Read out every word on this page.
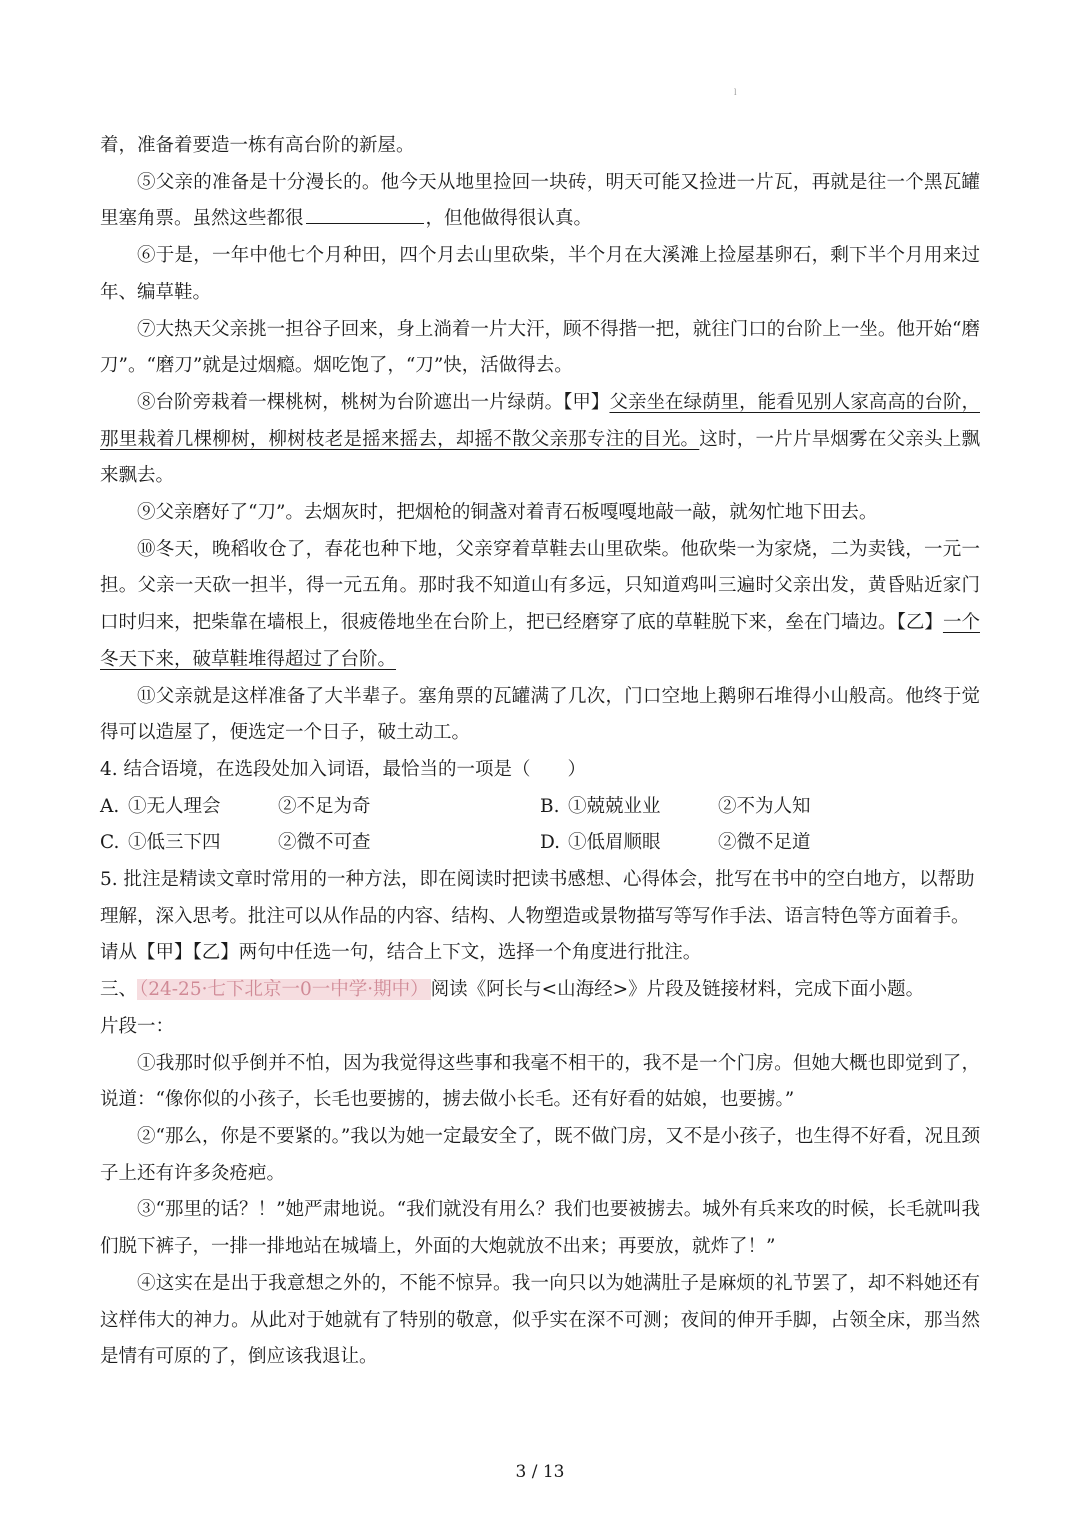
l

着，准备着要造一栋有高台阶的新屋。

⑤父亲的准备是十分漫长的。他今天从地里捡回一块砖，明天可能又捡进一片瓦，再就是往一个黑瓦罐里塞角票。虽然这些都很	，但他做得很认真。

⑥于是，一年中他七个月种田，四个月去山里砍柴，半个月在大溪滩上捡屋基卵石，剩下半个月用来过年、编草鞋。

⑦大热天父亲挑一担谷子回来，身上淌着一片大汗，顾不得揩一把，就往门口的台阶上一坐。他开始“磨刀”。“磨刀”就是过烟瘾。烟吃饱了，“刀”快，活做得去。

⑧台阶旁栽着一棵桃树，桃树为台阶遮出一片绿荫。【甲】父亲坐在绿荫里，能看见别人家高高的台阶，那里栽着几棵柳树，柳树枝老是摇来摇去，却摇不散父亲那专注的目光。这时，一片片旱烟雾在父亲头上飘来飘去。

⑨父亲磨好了“刀”。去烟灰时，把烟枪的铜盏对着青石板嘎嘎地敲一敲，就匆忙地下田去。

⑩冬天，晚稻收仓了，春花也种下地，父亲穿着草鞋去山里砍柴。他砍柴一为家烧，二为卖钱，一元一担。父亲一天砍一担半，得一元五角。那时我不知道山有多远，只知道鸡叫三遍时父亲出发，黄昏贴近家门口时归来，把柴靠在墙根上，很疲倦地坐在台阶上，把已经磨穿了底的草鞋脱下来，垒在门墙边。【乙】一个冬天下来，破草鞋堆得超过了台阶。

⑪父亲就是这样准备了大半辈子。塞角票的瓦罐满了几次，门口空地上鹅卵石堆得小山般高。他终于觉得可以造屋了，便选定一个日子，破土动工。

4. 结合语境，在选段处加入词语，最恰当的一项是（　　）

A. ①无人理会	②不足为奇	B. ①兢兢业业	②不为人知
C. ①低三下四	②微不可查	D. ①低眉顺眼	②微不足道

5. 批注是精读文章时常用的一种方法，即在阅读时把读书感想、心得体会，批写在书中的空白地方，以帮助理解，深入思考。批注可以从作品的内容、结构、人物塑造或景物描写等写作手法、语言特色等方面着手。请从【甲】【乙】两句中任选一句，结合上下文，选择一个角度进行批注。

三、 （24-25·七下北京一0一中学·期中） 阅读《阿长与<山海经>》片段及链接材料，完成下面小题。

片段一：

①我那时似乎倒并不怕，因为我觉得这些事和我毫不相干的，我不是一个门房。但她大概也即觉到了，说道：“像你似的小孩子，长毛也要掳的，掳去做小长毛。还有好看的姑娘，也要掳。”

②“那么，你是不要紧的。”我以为她一定最安全了，既不做门房，又不是小孩子，也生得不好看，况且颈子上还有许多灸疮疤。

③“那里的话？！”她严肃地说。“我们就没有用么？我们也要被掳去。城外有兵来攻的时候，长毛就叫我们脱下裤子，一排一排地站在城墙上，外面的大炮就放不出来；再要放，就炸了！”

④这实在是出于我意想之外的，不能不惊异。我一向只以为她满肚子是麻烦的礼节罢了，却不料她还有这样伟大的神力。从此对于她就有了特别的敬意，似乎实在深不可测；夜间的伸开手脚，占领全床，那当然是情有可原的了，倒应该我退让。

3 / 13
